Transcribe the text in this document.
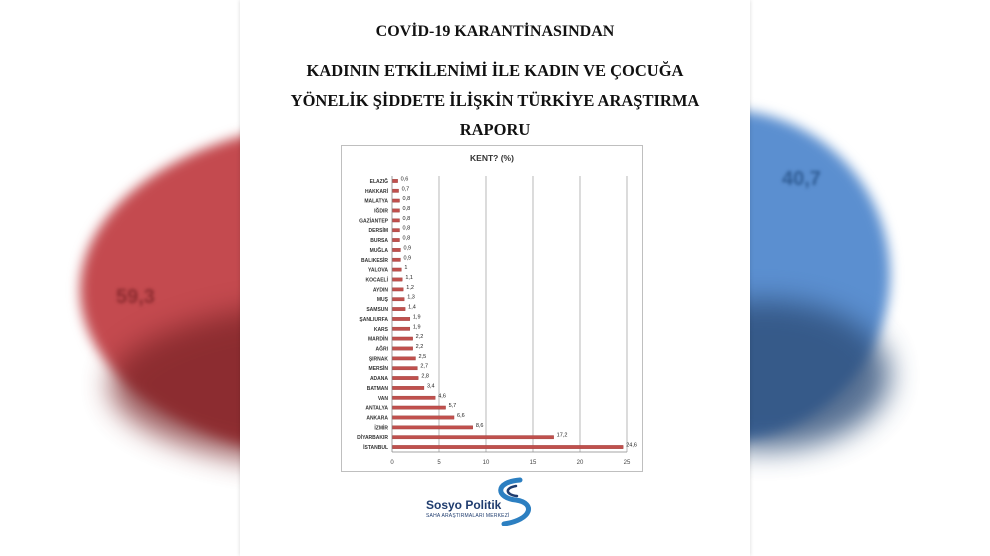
59,3
40,7
COVİD-19 KARANTİNASINDAN
KADININ ETKİLENİMİ İLE KADIN VE ÇOCUĞA
YÖNELİK ŞİDDETE İLİŞKİN TÜRKİYE ARAŞTIRMA
RAPORU
KENT? (%)
0	5	10	15	20	25
ELAZIĞ 0,6
HAKKARİ 0,7
MALATYA	0,8
IĞDIR	0,8
GAZİANTEP	0,8
DERSİM	0,8
BURSA	0,8
MUĞLA	0,9
BALIKESİR	0,9
YALOVA	1
KOCAELİ	1,1
AYDIN	1,2
MUŞ	1,3
SAMSUN	1,4
ŞANLIURFA	1,9
KARS	1,9
MARDİN	2,2
AĞRI	2,2
ŞIRNAK	2,5
MERSİN	2,7
ADANA	2,8
BATMAN	3,4
VAN	4,6
ANTALYA	5,7
ANKARA	6,6
İZMİR	8,6
DİYARBAKIR	17,2
İSTANBUL	24,6
Sosyo Politik
SAHA ARAŞTIRMALARI MERKEZİ
